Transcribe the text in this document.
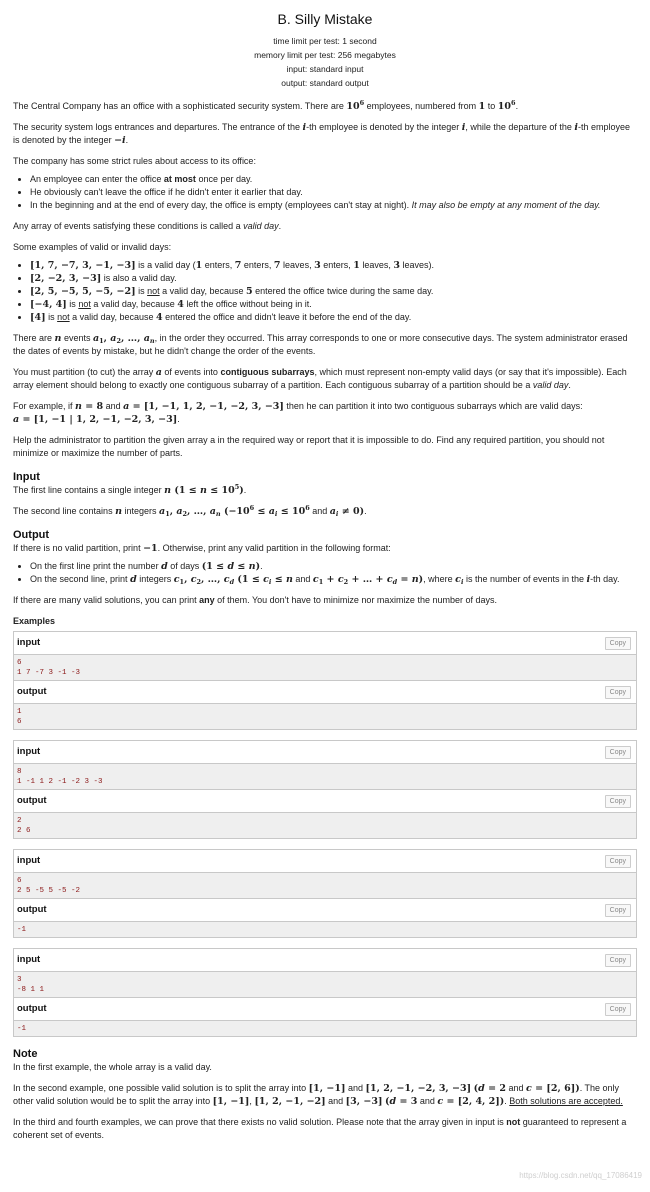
B. Silly Mistake
time limit per test: 1 second
memory limit per test: 256 megabytes
input: standard input
output: standard output

The Central Company has an office with a sophisticated security system. There are $10^6$ employees, numbered from 1 to $10^6$.

The security system logs entrances and departures. The entrance of the i-th employee is denoted by the integer i, while the departure of the i-th employee is denoted by the integer −i.

The company has some strict rules about access to its office:

• An employee can enter the office at most once per day.
• He obviously can't leave the office if he didn't enter it earlier that day.
• In the beginning and at the end of every day, the office is empty (employees can't stay at night). It may also be empty at any moment of the day.

Any array of events satisfying these conditions is called a valid day.

Some examples of valid or invalid days:

• [1, 7, −7, 3, −1, −3] is a valid day (1 enters, 7 enters, 7 leaves, 3 enters, 1 leaves, 3 leaves).
• [2, −2, 3, −3] is also a valid day.
• [2, 5, −5, 5, −5, −2] is not a valid day, because 5 entered the office twice during the same day.
• [−4, 4] is not a valid day, because 4 left the office without being in it.
• [4] is not a valid day, because 4 entered the office and didn't leave it before the end of the day.

There are n events $a_1$, $a_2$, …, $a_n$, in the order they occurred. This array corresponds to one or more consecutive days. The system administrator erased the dates of events by mistake, but he didn't change the order of the events.

You must partition (to cut) the array a of events into contiguous subarrays, which must represent non-empty valid days (or say that it's impossible). Each array element should belong to exactly one contiguous subarray of a partition. Each contiguous subarray of a partition should be a valid day.

For example, if n = 8 and a = [1, −1, 1, 2, −1, −2, 3, −3] then he can partition it into two contiguous subarrays which are valid days:
a = [1, −1 | 1, 2, −1, −2, 3, −3].

Help the administrator to partition the given array a in the required way or report that it is impossible to do. Find any required partition, you should not minimize or maximize the number of parts.

Input

The first line contains a single integer n $(1 \le n \le 10^5)$.

The second line contains n integers $a_1$, $a_2$, …, $a_n$ ($-10^6 \le a_i \le 10^6$ and $a_i \ne 0$).

Output

If there is no valid partition, print −1. Otherwise, print any valid partition in the following format:

• On the first line print the number d of days (1 ≤ d ≤ n).
• On the second line, print d integers $c_1$, $c_2$, …, $c_d$ ($1 \le c_i \le n$ and $c_1 + c_2$ + … + $c_d = n$), where $c_i$ is the number of events in the i-th day.

If there are many valid solutions, you can print any of them. You don't have to minimize nor maximize the number of days.

Examples
input	Copy
6
1 7 -7 3 -1 -3
output	Copy
1
6
input	Copy
8
1 -1 1 2 -1 -2 3 -3
output	Copy
2
2 6
input	Copy
6
2 5 -5 5 -5 -2
output	Copy
-1
input	Copy
3
-8 1 1
output	Copy
-1
Note

In the first example, the whole array is a valid day.

In the second example, one possible valid solution is to split the array into [1, −1] and [1, 2, −1, −2, 3, −3] (d = 2 and c = [2, 6]). The only other valid solution would be to split the array into [1, −1], [1, 2, −1, −2] and [3, −3] (d = 3 and c = [2, 4, 2]). Both solutions are accepted.

In the third and fourth examples, we can prove that there exists no valid solution. Please note that the array given in input is not guaranteed to represent a coherent set of events.

https://blog.csdn.net/qq_17086419
